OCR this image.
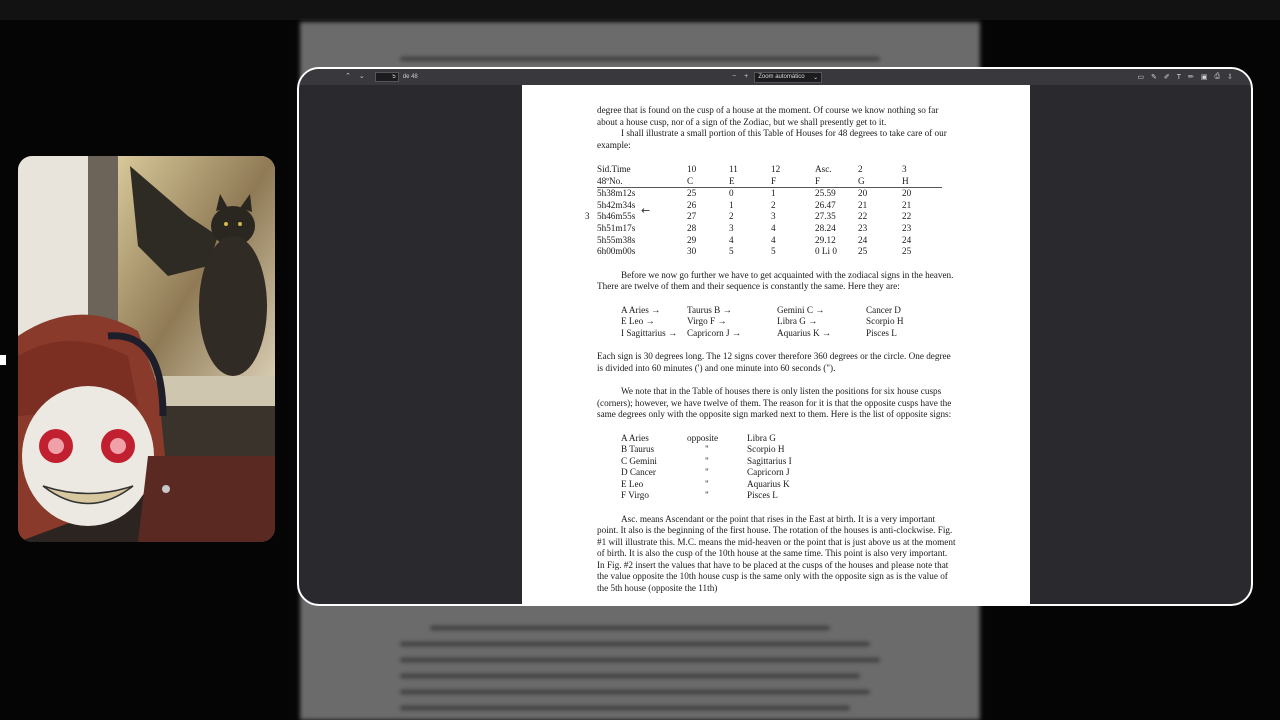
⌃ ⌄
5	de 48	− + Zoom automático ⌄	▭ ✎ ✐ T ✏ ▣ ⎙ ⇩

degree that is found on the cusp of a house at the moment. Of course we know nothing so far about a house cusp, nor of a sign of the Zodiac, but we shall presently get to it.

I shall illustrate a small portion of this Table of Houses for 48 degrees to take care of our example:

Sid.Time	10	11	12	Asc.	2	3
48ºNo.	C	E	F	F	G	H
5h38m12s	25	0	1	25.59	20	20
5h42m34s	26	1	2	26.47	21	21

3 5h46m55s	27	2	3	27.35	22	22
5h51m17s	28	3	4	28.24	23	23
5h55m38s	29	4	4	29.12	24	24
6h00m00s	30	5	5	0 Li 0	25	25
←

Before we now go further we have to get acquainted with the zodiacal signs in the heaven. There are twelve of them and their sequence is constantly the same. Here they are:

A Aries →	Taurus B →	Gemini C →	Cancer D
E Leo →	Virgo F →	Libra G →	Scorpio H
I Sagittarius →	Capricorn J →	Aquarius K →	Pisces L

Each sign is 30 degrees long. The 12 signs cover therefore 360 degrees or the circle. One degree is divided into 60 minutes (') and one minute into 60 seconds (").

We note that in the Table of houses there is only listen the positions for six house cusps (corners); however, we have twelve of them. The reason for it is that the opposite cusps have the same degrees only with the opposite sign marked next to them. Here is the list of opposite signs:

A Aries	opposite	Libra G
B Taurus	"	Scorpio H
C Gemini	"	Sagittarius I
D Cancer	"	Capricorn J
E Leo	"	Aquarius K
F Virgo	"	Pisces L

Asc. means Ascendant or the point that rises in the East at birth. It is a very important point. It also is the beginning of the first house. The rotation of the houses is anti-clockwise. Fig. #1 will illustrate this. M.C. means the mid-heaven or the point that is just above us at the moment of birth. It is also the cusp of the 10th house at the same time. This point is also very important. In Fig. #2 insert the values that have to be placed at the cusps of the houses and please note that the value opposite the 10th house cusp is the same only with the opposite sign as is the value of the 5th house (opposite the 11th)
